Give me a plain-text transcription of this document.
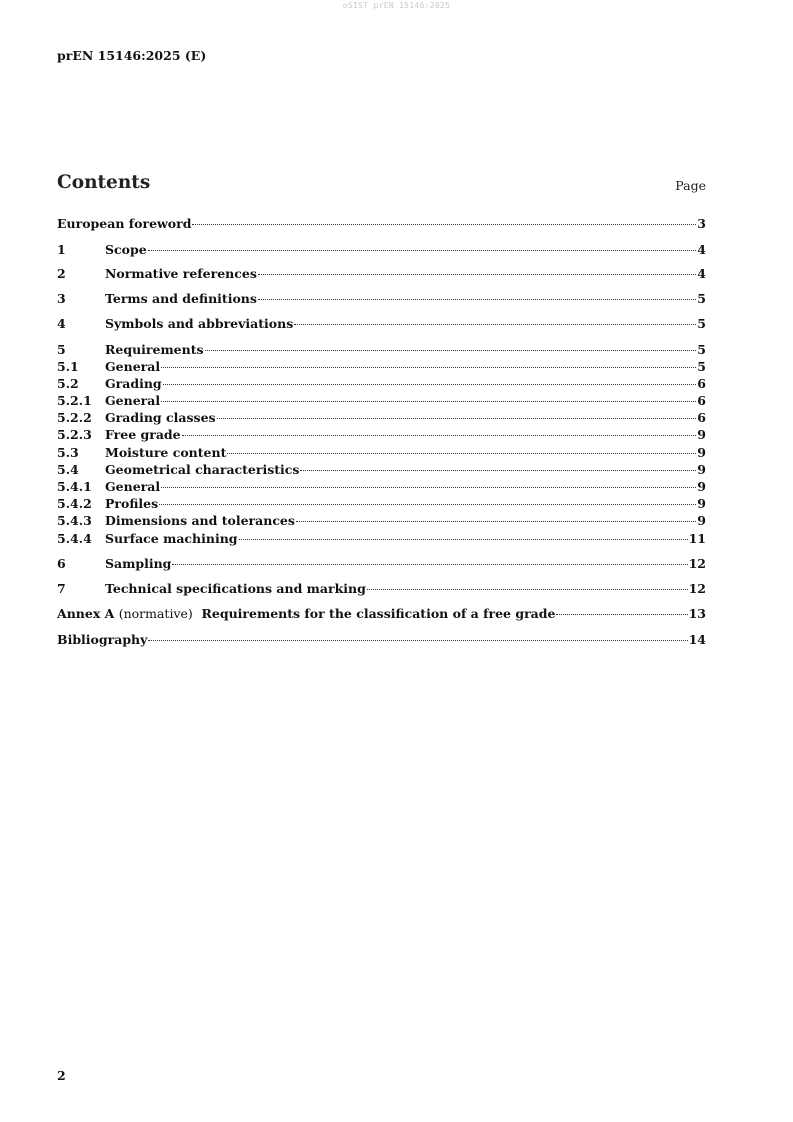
oSIST prEN 15146:2025
prEN 15146:2025 (E)
Contents	Page
European foreword	3
1	Scope	4
2	Normative references	4
3	Terms and definitions	5
4	Symbols and abbreviations	5
5	Requirements	5
5.1	General	5
5.2	Grading	6
5.2.1	General	6
5.2.2	Grading classes	6
5.2.3	Free grade	9
5.3	Moisture content	9
5.4	Geometrical characteristics	9
5.4.1	General	9
5.4.2	Profiles	9
5.4.3	Dimensions and tolerances	9
5.4.4	Surface machining	11
6	Sampling	12
7	Technical specifications and marking	12
Annex A (normative) Requirements for the classification of a free grade	13
Bibliography	14
2
